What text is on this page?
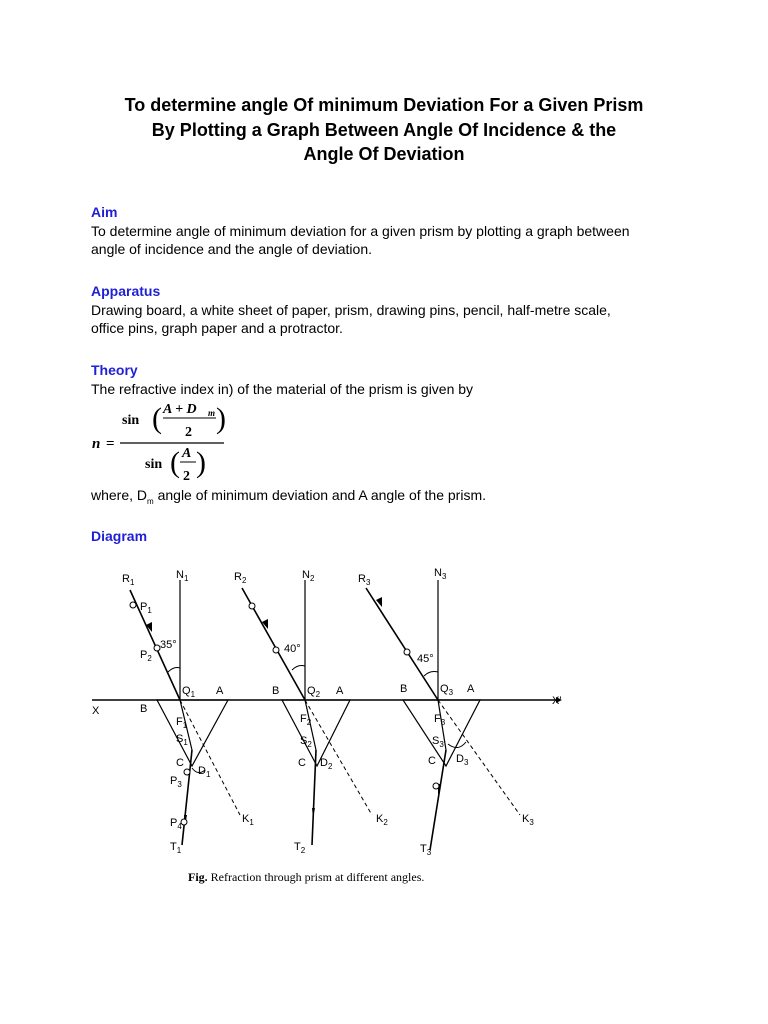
To determine angle Of minimum Deviation For a Given Prism
By Plotting a Graph Between Angle Of Incidence & the
Angle Of Deviation
Aim

To determine angle of minimum deviation for a given prism by plotting a graph between
angle of incidence and the angle of deviation.

Apparatus

Drawing board, a white sheet of paper, prism, drawing pins, pencil, half-metre scale,
office pins, graph paper and a protractor.

Theory

The refractive index in) of the material of the prism is given by

n =
sin ( A + D m
2 )
sin ( A
2 )

where, $D_m$ angle of minimum deviation and A angle of the prism.

Diagram
X
X'
$R_1$
$N_1$
$P_1$
35°
$P_2$
$Q_1$ A
B
$F_1$
$S_1$
C
$D_1$
$P_3$
$P_4$
$K_1$
$T_1$
$R_2$	$N_2$
40°
$Q_2$
B	A
$F_2$
$S_2$
C $D_2$
$K_2$
$T_2$
$R_3$
$N_3$
45°
$Q_3$
B	A
$F_3$
$S_3$
C $D_3$
$K_3$
$T_3$
Fig. Refraction through prism at different angles.
